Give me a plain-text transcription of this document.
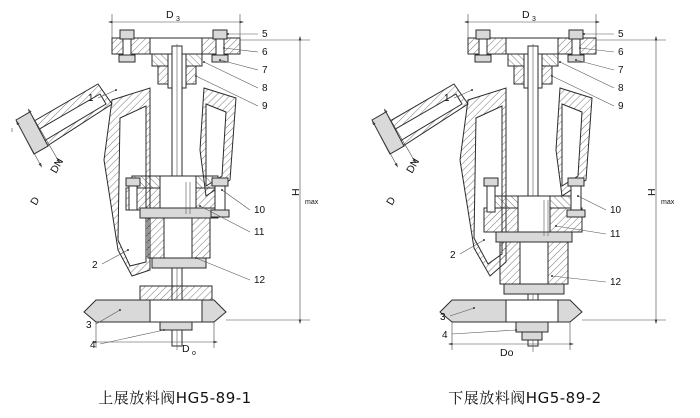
D 3
H
max
DN
D
D o
5
6
7
8
9
10
11
12
1
2
3
4
上展放料阀HG5-89-1
D 3
H
max
DN
D
Do
5
6
7
8
9
10
11
12
1
2
3
4
下展放料阀HG5-89-2
